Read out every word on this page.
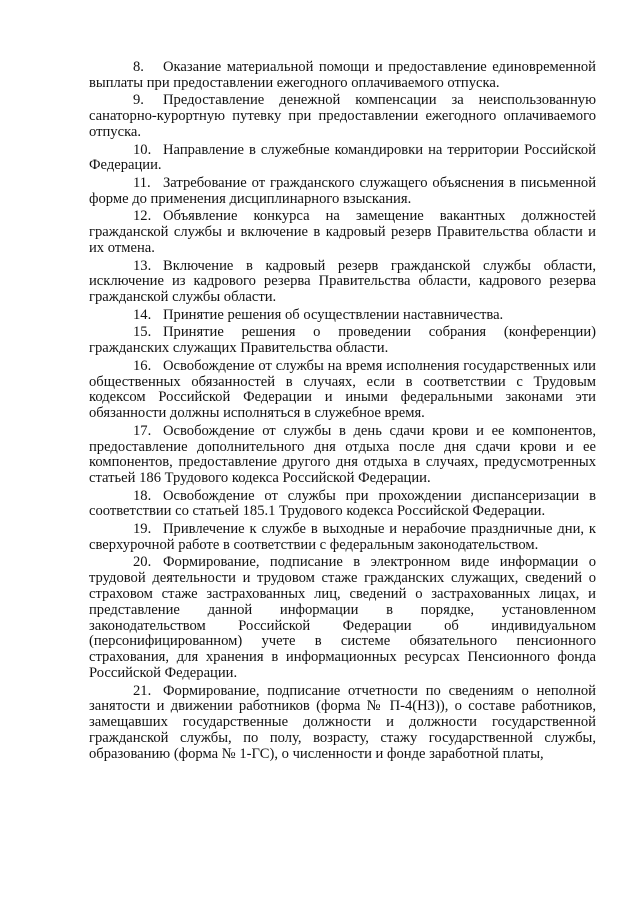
8. Оказание материальной помощи и предоставление единовременной выплаты при предоставлении ежегодного оплачиваемого отпуска.

9. Предоставление денежной компенсации за неиспользованную санаторно-курортную путевку при предоставлении ежегодного оплачиваемого отпуска.

10. Направление в служебные командировки на территории Российской Федерации.

11. Затребование от гражданского служащего объяснения в письменной форме до применения дисциплинарного взыскания.

12. Объявление конкурса на замещение вакантных должностей гражданской службы и включение в кадровый резерв Правительства области и их отмена.

13. Включение в кадровый резерв гражданской службы области, исключение из кадрового резерва Правительства области, кадрового резерва гражданской службы области.

14. Принятие решения об осуществлении наставничества.

15. Принятие решения о проведении собрания (конференции) гражданских служащих Правительства области.

16. Освобождение от службы на время исполнения государственных или общественных обязанностей в случаях, если в соответствии с Трудовым кодексом Российской Федерации и иными федеральными законами эти обязанности должны исполняться в служебное время.

17. Освобождение от службы в день сдачи крови и ее компонентов, предоставление дополнительного дня отдыха после дня сдачи крови и ее компонентов, предоставление другого дня отдыха в случаях, предусмотренных статьей 186 Трудового кодекса Российской Федерации.

18. Освобождение от службы при прохождении диспансеризации в соответствии со статьей 185.1 Трудового кодекса Российской Федерации.

19. Привлечение к службе в выходные и нерабочие праздничные дни, к сверхурочной работе в соответствии с федеральным законодательством.

20. Формирование, подписание в электронном виде информации о трудовой деятельности и трудовом стаже гражданских служащих, сведений о страховом стаже застрахованных лиц, сведений о застрахованных лицах, и представление данной информации в порядке, установленном законодательством Российской Федерации об индивидуальном (персонифицированном) учете в системе обязательного пенсионного страхования, для хранения в информационных ресурсах Пенсионного фонда Российской Федерации.

21. Формирование, подписание отчетности по сведениям о неполной занятости и движении работников (форма № П-4(НЗ)), о составе работников, замещавших государственные должности и должности государственной гражданской службы, по полу, возрасту, стажу государственной службы, образованию (форма № 1-ГС), о численности и фонде заработной платы,
